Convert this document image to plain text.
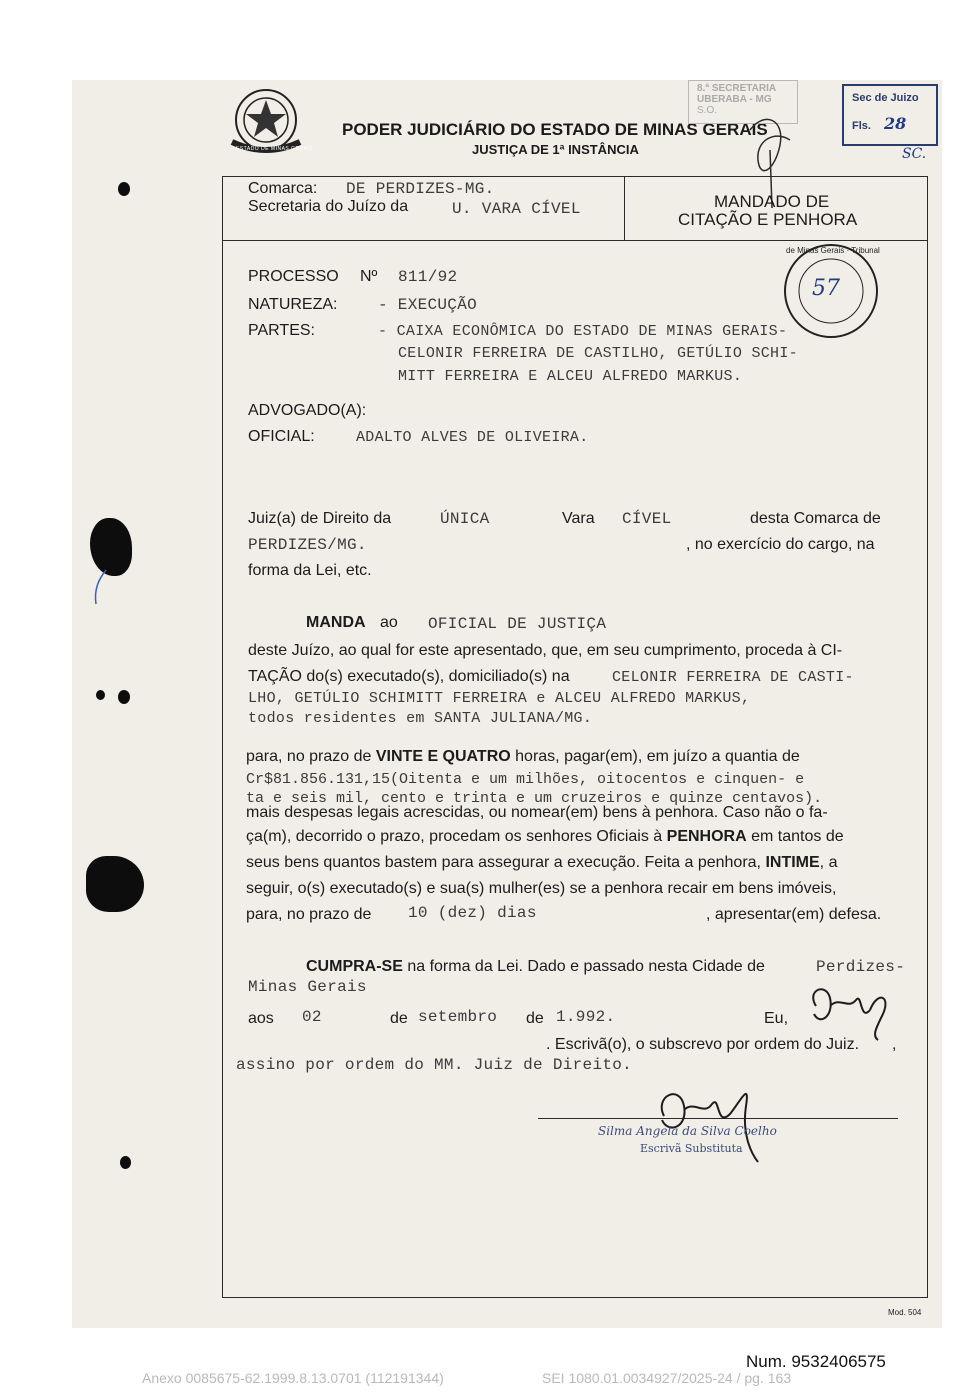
ESTADO DE MINAS GERAIS
PODER JUDICIÁRIO DO ESTADO DE MINAS GERAIS
JUSTIÇA DE 1ª INSTÂNCIA
8.ª SECRETARIA
UBERABA - MG
S.O.
Sec de Juizo
Fls. 28
SC.
Comarca: DE PERDIZES-MG.
Secretaria do Juízo da	U. VARA CÍVEL	MANDADO DE
CITAÇÃO E PENHORA
de Minas Gerais · Tribunal
57
PROCESSO Nº 811/92
NATUREZA:	- EXECUÇÃO
PARTES:	- CAIXA ECONÔMICA DO ESTADO DE MINAS GERAIS-
CELONIR FERREIRA DE CASTILHO, GETÚLIO SCHI-
MITT FERREIRA E ALCEU ALFREDO MARKUS.
ADVOGADO(A):
OFICIAL:	ADALTO ALVES DE OLIVEIRA.
Juiz(a) de Direito da	ÚNICA	Vara CÍVEL	desta Comarca de
PERDIZES/MG.	, no exercício do cargo, na
forma da Lei, etc.
MANDA ao OFICIAL DE JUSTIÇA
deste Juízo, ao qual for este apresentado, que, em seu cumprimento, proceda à CI-
TAÇÃO do(s) executado(s), domiciliado(s) na	CELONIR FERREIRA DE CASTI-
LHO, GETÚLIO SCHIMITT FERREIRA e ALCEU ALFREDO MARKUS,
todos residentes em SANTA JULIANA/MG.
para, no prazo de VINTE E QUATRO horas, pagar(em), em juízo a quantia de
Cr$81.856.131,15(Oitenta e um milhões, oitocentos e cinquen- e
ta e seis mil, cento e trinta e um cruzeiros e quinze centavos).
mais despesas legais acrescidas, ou nomear(em) bens à penhora. Caso não o fa-
ça(m), decorrido o prazo, procedam os senhores Oficiais à PENHORA em tantos de
seus bens quantos bastem para assegurar a execução. Feita a penhora, INTIME, a
seguir, o(s) executado(s) e sua(s) mulher(es) se a penhora recair em bens imóveis,
para, no prazo de 10 (dez) dias	, apresentar(em) defesa.
CUMPRA-SE na forma da Lei. Dado e passado nesta Cidade de	Perdizes-
Minas Gerais
aos 02	de setembro de 1.992.	Eu,
. Escrivã(o), o subscrevo por ordem do Juiz. ,
assino por ordem do MM. Juiz de Direito.
Silma Angela da Silva Coelho
Escrivã Substituta
Mod. 504
Num. 9532406575
Anexo 0085675-62.1999.8.13.0701 (112191344)	SEI 1080.01.0034927/2025-24 / pg. 163
